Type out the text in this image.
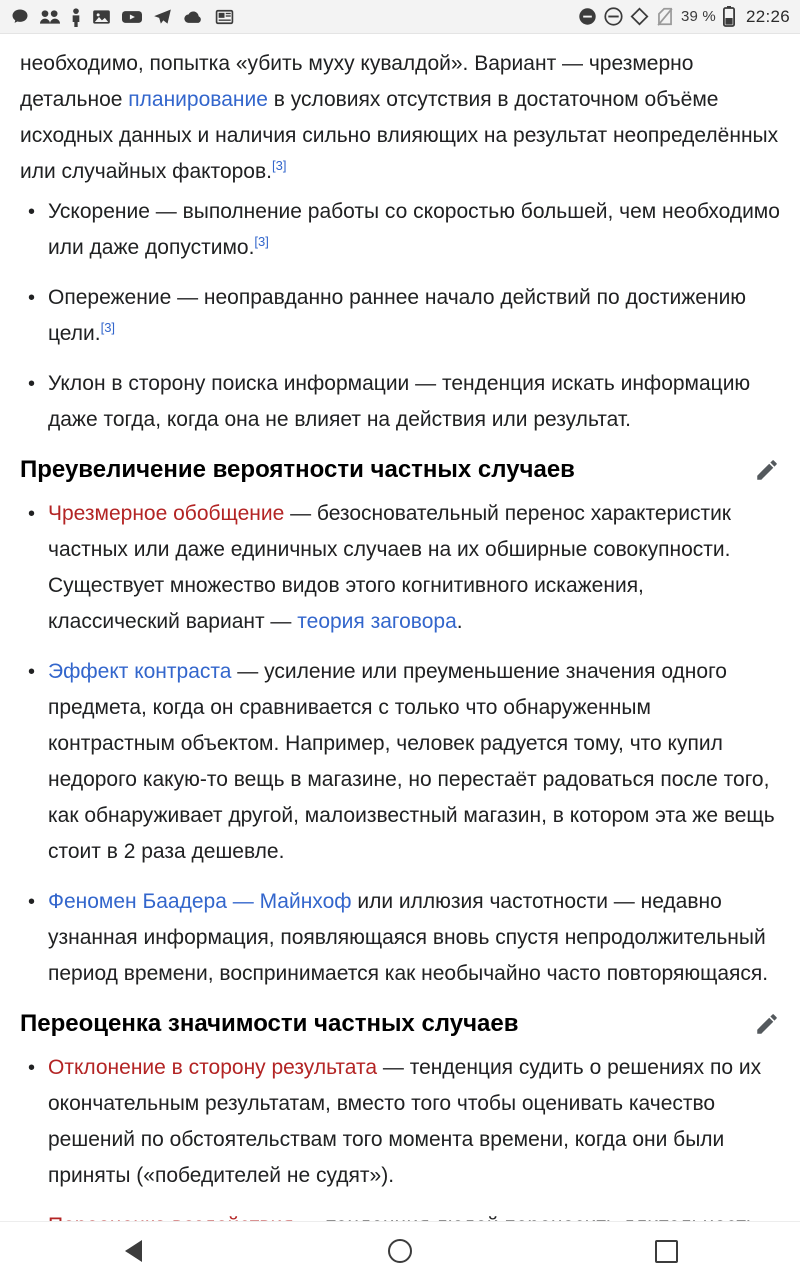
39 % 22:26

необходимо, попытка «убить муху кувалдой». Вариант — чрезмерно детальное планирование в условиях отсутствия в достаточном объёме исходных данных и наличия сильно влияющих на результат неопределённых или случайных факторов.[3]

• Ускорение — выполнение работы со скоростью большей, чем необходимо или даже допустимо.[3]
• Опережение — неоправданно раннее начало действий по достижению цели.[3]
• Уклон в сторону поиска информации — тенденция искать информацию даже тогда, когда она не влияет на действия или результат.
Преувеличение вероятности частных случаев
• Чрезмерное обобщение — безосновательный перенос характеристик частных или даже единичных случаев на их обширные совокупности. Существует множество видов этого когнитивного искажения, классический вариант — теория заговора.
• Эффект контраста — усиление или преуменьшение значения одного предмета, когда он сравнивается с только что обнаруженным контрастным объектом. Например, человек радуется тому, что купил недорого какую-то вещь в магазине, но перестаёт радоваться после того, как обнаруживает другой, малоизвестный магазин, в котором эта же вещь стоит в 2 раза дешевле.
• Феномен Баадера — Майнхоф или иллюзия частотности — недавно узнанная информация, появляющаяся вновь спустя непродолжительный период времени, воспринимается как необычайно часто повторяющаяся.
Переоценка значимости частных случаев
• Отклонение в сторону результата — тенденция судить о решениях по их окончательным результатам, вместо того чтобы оценивать качество решений по обстоятельствам того момента времени, когда они были приняты («победителей не судят»).
•
